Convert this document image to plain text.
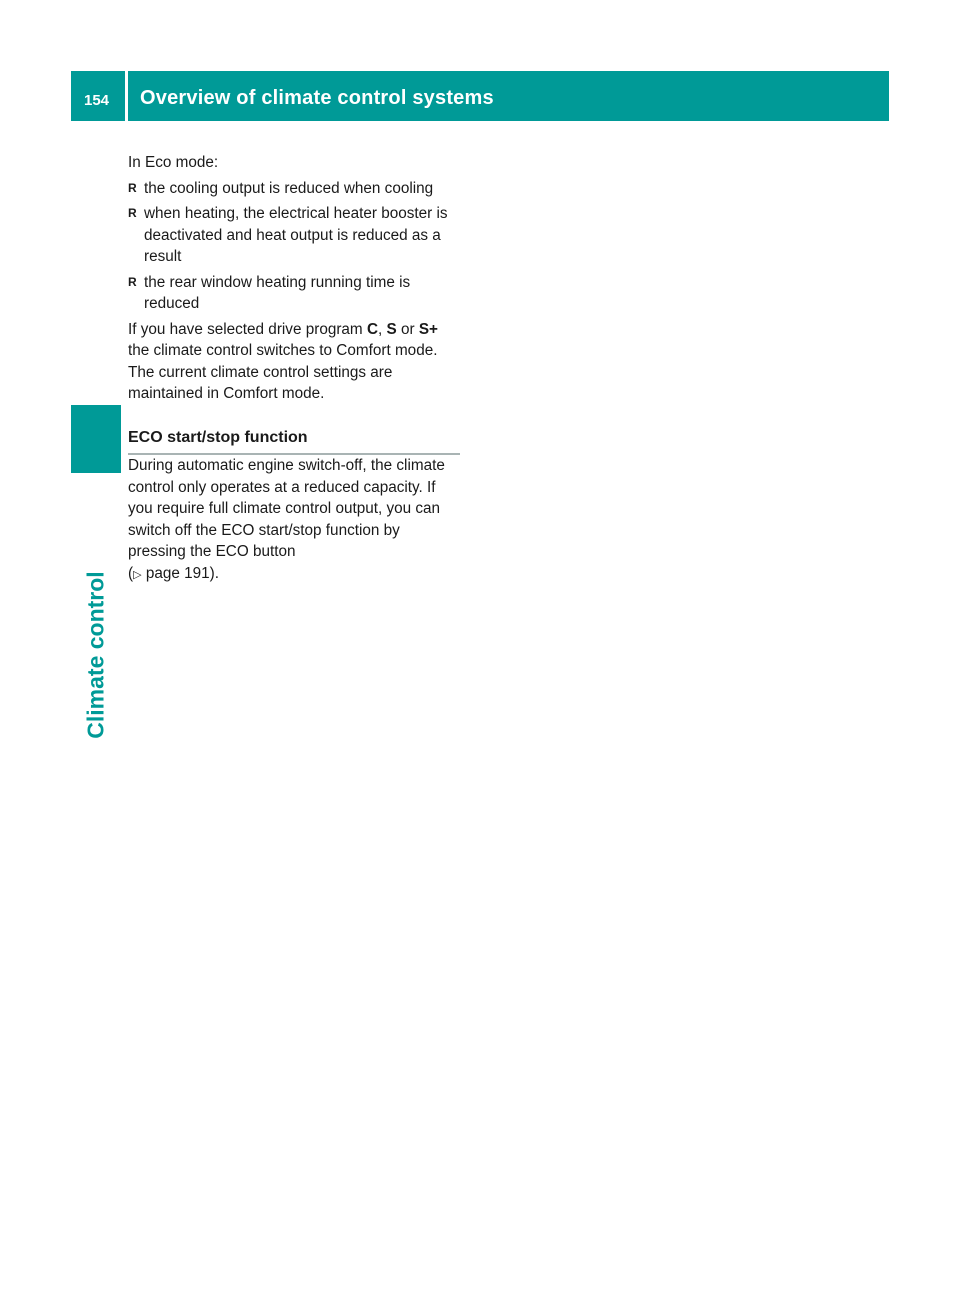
154	Overview of climate control systems
Climate control

In Eco mode:

R the cooling output is reduced when cooling
R when heating, the electrical heater booster is deactivated and heat output is reduced as a result
R the rear window heating running time is reduced

If you have selected drive program C, S or S+ the climate control switches to Comfort mode. The current climate control settings are maintained in Comfort mode.

ECO start/stop function

During automatic engine switch-off, the climate control only operates at a reduced capacity. If you require full climate control output, you can switch off the ECO start/stop function by pressing the ECO button
(▷ page 191).
